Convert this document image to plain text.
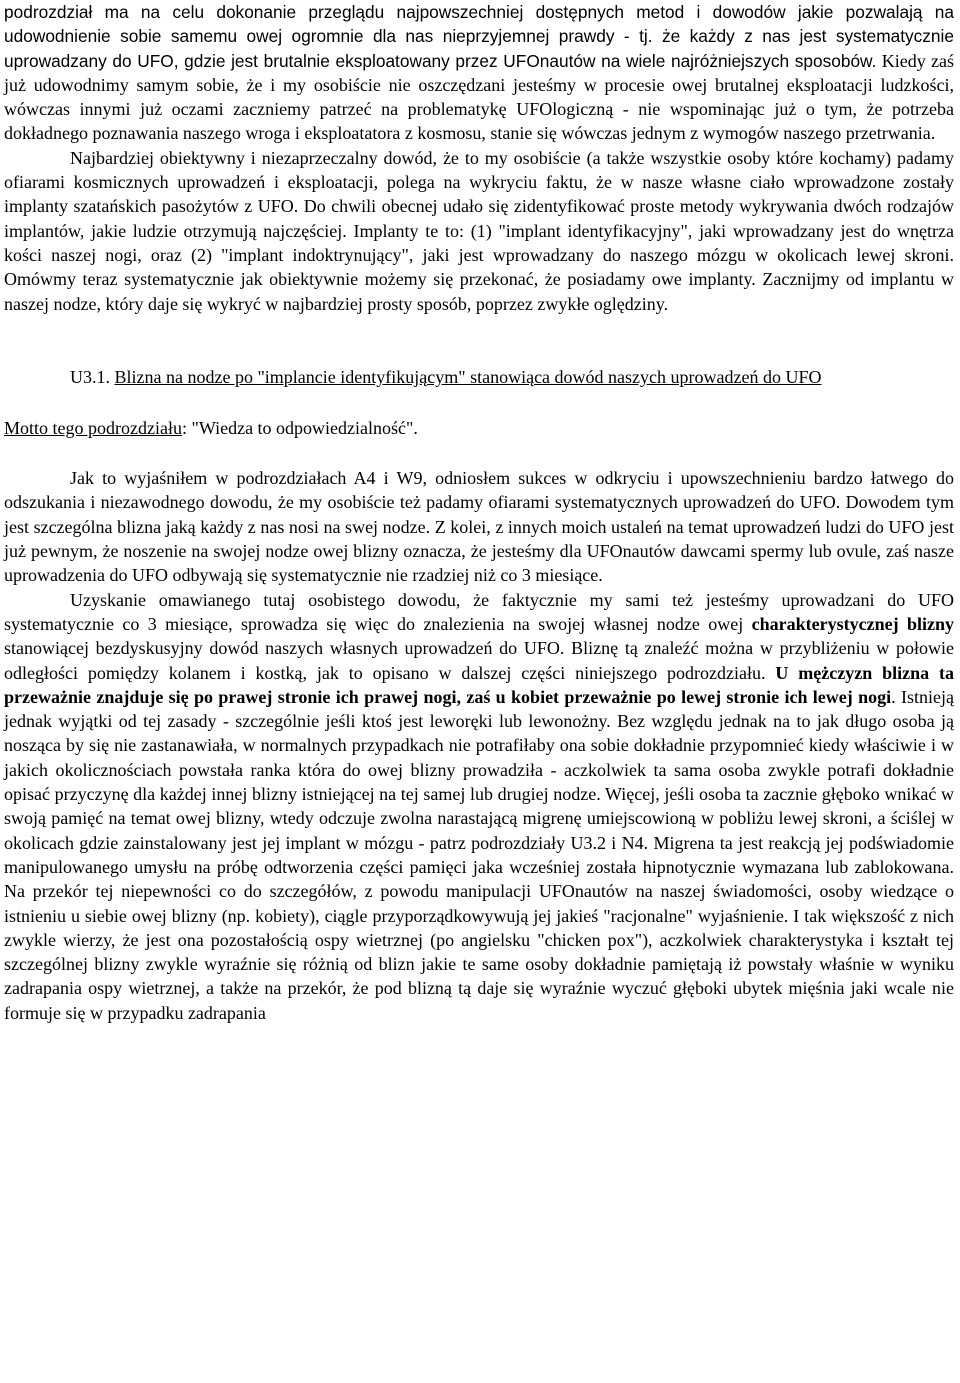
podrozdział ma na celu dokonanie przeglądu najpowszechniej dostępnych metod i dowodów jakie pozwalają na udowodnienie sobie samemu owej ogromnie dla nas nieprzyjemnej prawdy - tj. że każdy z nas jest systematycznie uprowadzany do UFO, gdzie jest brutalnie eksploatowany przez UFOnautów na wiele najróżniejszych sposobów. Kiedy zaś już udowodnimy samym sobie, że i my osobiście nie oszczędzani jesteśmy w procesie owej brutalnej eksploatacji ludzkości, wówczas innymi już oczami zaczniemy patrzeć na problematykę UFOlogiczną - nie wspominając już o tym, że potrzeba dokładnego poznawania naszego wroga i eksploatatora z kosmosu, stanie się wówczas jednym z wymogów naszego przetrwania.

Najbardziej obiektywny i niezaprzeczalny dowód, że to my osobiście (a także wszystkie osoby które kochamy) padamy ofiarami kosmicznych uprowadzeń i eksploatacji, polega na wykryciu faktu, że w nasze własne ciało wprowadzone zostały implanty szatańskich pasożytów z UFO. Do chwili obecnej udało się zidentyfikować proste metody wykrywania dwóch rodzajów implantów, jakie ludzie otrzymują najczęściej. Implanty te to: (1) "implant identyfikacyjny", jaki wprowadzany jest do wnętrza kości naszej nogi, oraz (2) "implant indoktrynujący", jaki jest wprowadzany do naszego mózgu w okolicach lewej skroni. Omówmy teraz systematycznie jak obiektywnie możemy się przekonać, że posiadamy owe implanty. Zacznijmy od implantu w naszej nodze, który daje się wykryć w najbardziej prosty sposób, poprzez zwykłe oględziny.

U3.1. Blizna na nodze po "implancie identyfikującym" stanowiąca dowód naszych uprowadzeń do UFO

Motto tego podrozdziału: "Wiedza to odpowiedzialność".

Jak to wyjaśniłem w podrozdziałach A4 i W9, odniosłem sukces w odkryciu i upowszechnieniu bardzo łatwego do odszukania i niezawodnego dowodu, że my osobiście też padamy ofiarami systematycznych uprowadzeń do UFO. Dowodem tym jest szczególna blizna jaką każdy z nas nosi na swej nodze. Z kolei, z innych moich ustaleń na temat uprowadzeń ludzi do UFO jest już pewnym, że noszenie na swojej nodze owej blizny oznacza, że jesteśmy dla UFOnautów dawcami spermy lub ovule, zaś nasze uprowadzenia do UFO odbywają się systematycznie nie rzadziej niż co 3 miesiące.

Uzyskanie omawianego tutaj osobistego dowodu, że faktycznie my sami też jesteśmy uprowadzani do UFO systematycznie co 3 miesiące, sprowadza się więc do znalezienia na swojej własnej nodze owej charakterystycznej blizny stanowiącej bezdyskusyjny dowód naszych własnych uprowadzeń do UFO. Bliznę tą znaleźć można w przybliżeniu w połowie odległości pomiędzy kolanem i kostką, jak to opisano w dalszej części niniejszego podrozdziału. U mężczyzn blizna ta przeważnie znajduje się po prawej stronie ich prawej nogi, zaś u kobiet przeważnie po lewej stronie ich lewej nogi. Istnieją jednak wyjątki od tej zasady - szczególnie jeśli ktoś jest leworęki lub lewonożny. Bez względu jednak na to jak długo osoba ją nosząca by się nie zastanawiała, w normalnych przypadkach nie potrafiłaby ona sobie dokładnie przypomnieć kiedy właściwie i w jakich okolicznościach powstała ranka która do owej blizny prowadziła - aczkolwiek ta sama osoba zwykle potrafi dokładnie opisać przyczynę dla każdej innej blizny istniejącej na tej samej lub drugiej nodze. Więcej, jeśli osoba ta zacznie głęboko wnikać w swoją pamięć na temat owej blizny, wtedy odczuje zwolna narastającą migrenę umiejscowioną w pobliżu lewej skroni, a ściślej w okolicach gdzie zainstalowany jest jej implant w mózgu - patrz podrozdziały U3.2 i N4. Migrena ta jest reakcją jej podświadomie manipulowanego umysłu na próbę odtworzenia części pamięci jaka wcześniej została hipnotycznie wymazana lub zablokowana. Na przekór tej niepewności co do szczegółów, z powodu manipulacji UFOnautów na naszej świadomości, osoby wiedzące o istnieniu u siebie owej blizny (np. kobiety), ciągle przyporządkowywują jej jakieś "racjonalne" wyjaśnienie. I tak większość z nich zwykle wierzy, że jest ona pozostałością ospy wietrznej (po angielsku "chicken pox"), aczkolwiek charakterystyka i kształt tej szczególnej blizny zwykle wyraźnie się różnią od blizn jakie te same osoby dokładnie pamiętają iż powstały właśnie w wyniku zadrapania ospy wietrznej, a także na przekór, że pod blizną tą daje się wyraźnie wyczuć głęboki ubytek mięśnia jaki wcale nie formuje się w przypadku zadrapania
